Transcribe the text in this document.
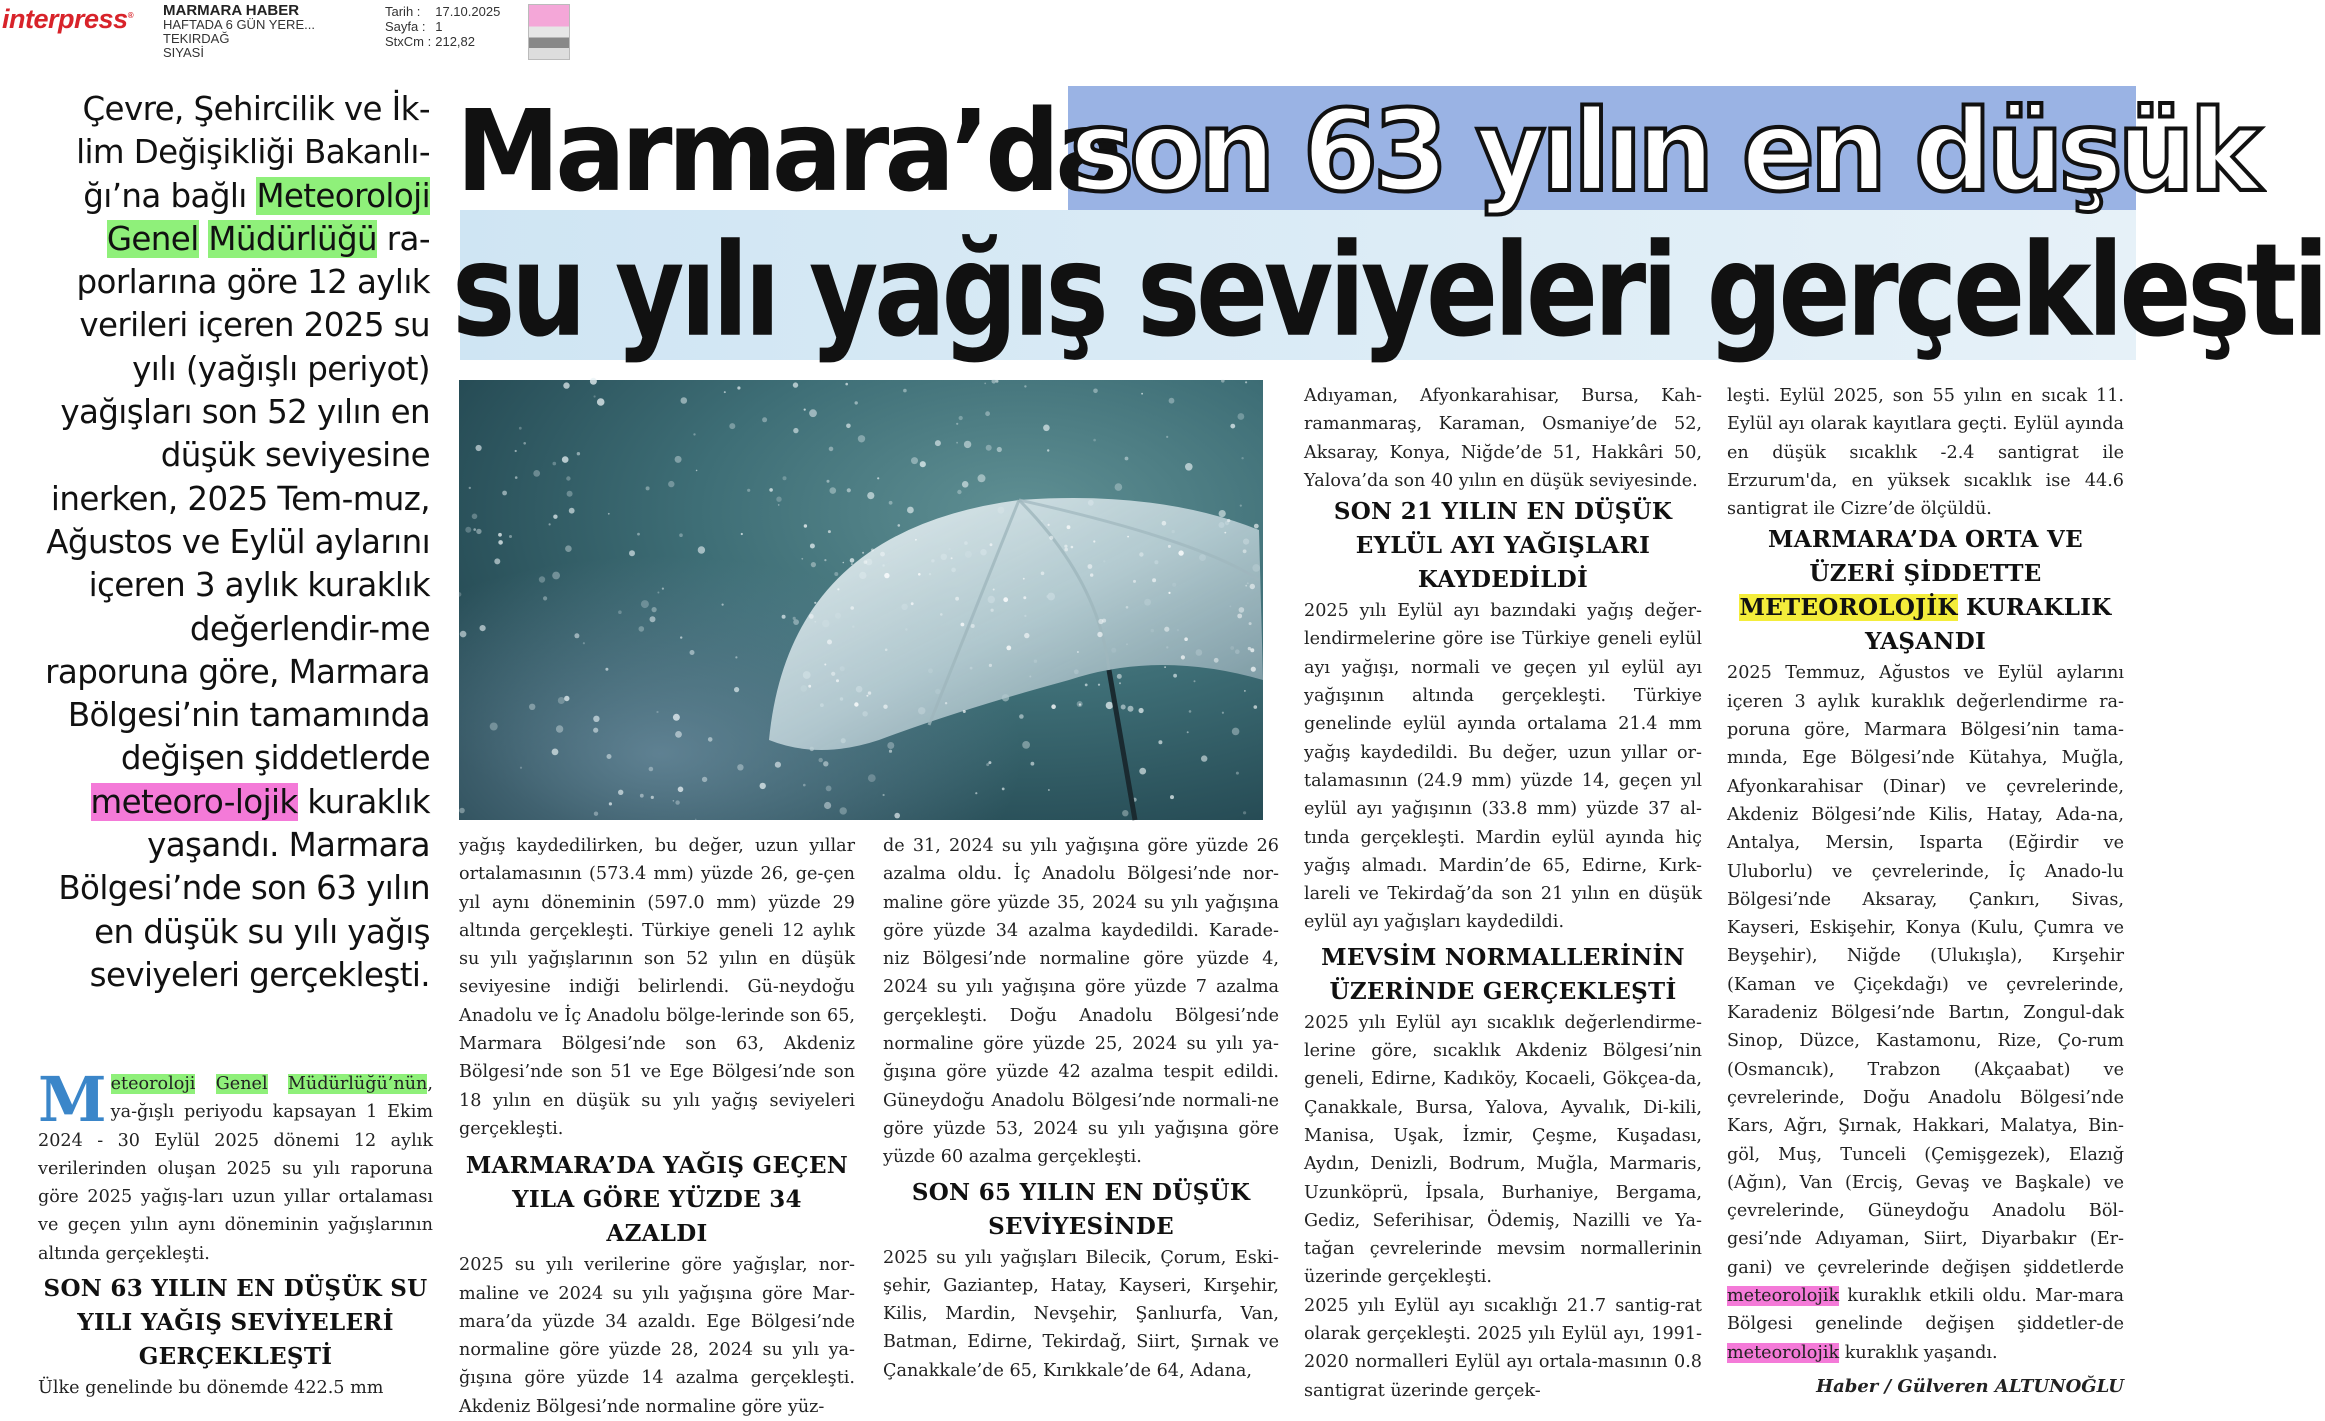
interpress® MARMARA HABER
HAFTADA 6 GÜN YERE...
TEKIRDAĞ
SIYASİ
Tarih :	17.10.2025
Sayfa :	1
StxCm :	212,82
Çevre, Şehircilik ve İk-lim Değişikliği Bakanlı-ğı’na bağlı Meteoroloji Genel Müdürlüğü ra-porlarına göre 12 aylık verileri içeren 2025 su yılı (yağışlı periyot) yağışları son 52 yılın en düşük seviyesine inerken, 2025 Tem-muz, Ağustos ve Eylül aylarını içeren 3 aylık kuraklık değerlendir-me raporuna göre, Marmara Bölgesi’nin tamamında değişen şiddetlerde meteoro-lojik kuraklık yaşandı. Marmara Bölgesi’nde son 63 yılın en düşük su yılı yağış seviyeleri gerçekleşti.
Marmara’da
son 63 yılın en düşük
su yılı yağış seviyeleri gerçekleşti

Meteoroloji Genel Müdürlüğü’nün, ya-ğışlı periyodu kapsayan 1 Ekim 2024 - 30 Eylül 2025 dönemi 12 aylık verilerinden oluşan 2025 su yılı raporuna göre 2025 yağış-ları uzun yıllar ortalaması ve geçen yılın aynı döneminin yağışlarının altında gerçekleşti.

SON 63 YILIN EN DÜŞÜK SU YILI YAĞIŞ SEVİYELERİ GERÇEKLEŞTİ

Ülke genelinde bu dönemde 422.5 mm

yağış kaydedilirken, bu değer, uzun yıllar ortalamasının (573.4 mm) yüzde 26, ge-çen yıl aynı döneminin (597.0 mm) yüzde 29 altında gerçekleşti. Türkiye geneli 12 aylık su yılı yağışlarının son 52 yılın en düşük seviyesine indiği belirlendi. Gü-neydoğu Anadolu ve İç Anadolu bölge-lerinde son 65, Marmara Bölgesi’nde son 63, Akdeniz Bölgesi’nde son 51 ve Ege Bölgesi’nde son 18 yılın en düşük su yılı yağış seviyeleri gerçekleşti.

MARMARA’DA YAĞIŞ GEÇEN YILA GÖRE YÜZDE 34 AZALDI

2025 su yılı verilerine göre yağışlar, nor-maline ve 2024 su yılı yağışına göre Mar-mara’da yüzde 34 azaldı. Ege Bölgesi’nde normaline göre yüzde 28, 2024 su yılı ya-ğışına göre yüzde 14 azalma gerçekleşti. Akdeniz Bölgesi’nde normaline göre yüz-

de 31, 2024 su yılı yağışına göre yüzde 26 azalma oldu. İç Anadolu Bölgesi’nde nor-maline göre yüzde 35, 2024 su yılı yağışına göre yüzde 34 azalma kaydedildi. Karade-niz Bölgesi’nde normaline göre yüzde 4, 2024 su yılı yağışına göre yüzde 7 azalma gerçekleşti. Doğu Anadolu Bölgesi’nde normaline göre yüzde 25, 2024 su yılı ya-ğışına göre yüzde 42 azalma tespit edildi. Güneydoğu Anadolu Bölgesi’nde normali-ne göre yüzde 53, 2024 su yılı yağışına göre yüzde 60 azalma gerçekleşti.

SON 65 YILIN EN DÜŞÜK SEVİYESİNDE

2025 su yılı yağışları Bilecik, Çorum, Eski-şehir, Gaziantep, Hatay, Kayseri, Kırşehir, Kilis, Mardin, Nevşehir, Şanlıurfa, Van, Batman, Edirne, Tekirdağ, Siirt, Şırnak ve Çanakkale’de 65, Kırıkkale’de 64, Adana,

Adıyaman, Afyonkarahisar, Bursa, Kah-ramanmaraş, Karaman, Osmaniye’de 52, Aksaray, Konya, Niğde’de 51, Hakkâri 50, Yalova’da son 40 yılın en düşük seviyesinde.

SON 21 YILIN EN DÜŞÜK EYLÜL AYI YAĞIŞLARI KAYDEDİLDİ

2025 yılı Eylül ayı bazındaki yağış değer-lendirmelerine göre ise Türkiye geneli eylül ayı yağışı, normali ve geçen yıl eylül ayı yağışının altında gerçekleşti. Türkiye genelinde eylül ayında ortalama 21.4 mm yağış kaydedildi. Bu değer, uzun yıllar or-talamasının (24.9 mm) yüzde 14, geçen yıl eylül ayı yağışının (33.8 mm) yüzde 37 al-tında gerçekleşti. Mardin eylül ayında hiç yağış almadı. Mardin’de 65, Edirne, Kırk-lareli ve Tekirdağ’da son 21 yılın en düşük eylül ayı yağışları kaydedildi.

MEVSİM NORMALLERİNİN ÜZERİNDE GERÇEKLEŞTİ

2025 yılı Eylül ayı sıcaklık değerlendirme-lerine göre, sıcaklık Akdeniz Bölgesi’nin geneli, Edirne, Kadıköy, Kocaeli, Gökçea-da, Çanakkale, Bursa, Yalova, Ayvalık, Di-kili, Manisa, Uşak, İzmir, Çeşme, Kuşadası, Aydın, Denizli, Bodrum, Muğla, Marmaris, Uzunköprü, İpsala, Burhaniye, Bergama, Gediz, Seferihisar, Ödemiş, Nazilli ve Ya-tağan çevrelerinde mevsim normallerinin üzerinde gerçekleşti.

2025 yılı Eylül ayı sıcaklığı 21.7 santig-rat olarak gerçekleşti. 2025 yılı Eylül ayı, 1991-2020 normalleri Eylül ayı ortala-masının 0.8 santigrat üzerinde gerçek-

leşti. Eylül 2025, son 55 yılın en sıcak 11. Eylül ayı olarak kayıtlara geçti. Eylül ayında en düşük sıcaklık -2.4 santigrat ile Erzurum'da, en yüksek sıcaklık ise 44.6 santigrat ile Cizre’de ölçüldü.

MARMARA’DA ORTA VE ÜZERİ ŞİDDETTE METEOROLOJİK KURAKLIK YAŞANDI

2025 Temmuz, Ağustos ve Eylül aylarını içeren 3 aylık kuraklık değerlendirme ra-poruna göre, Marmara Bölgesi’nin tama-mında, Ege Bölgesi’nde Kütahya, Muğla, Afyonkarahisar (Dinar) ve çevrelerinde, Akdeniz Bölgesi’nde Kilis, Hatay, Ada-na, Antalya, Mersin, Isparta (Eğirdir ve Uluborlu) ve çevrelerinde, İç Anado-lu Bölgesi’nde Aksaray, Çankırı, Sivas, Kayseri, Eskişehir, Konya (Kulu, Çumra ve Beyşehir), Niğde (Ulukışla), Kırşehir (Kaman ve Çiçekdağı) ve çevrelerinde, Karadeniz Bölgesi’nde Bartın, Zongul-dak Sinop, Düzce, Kastamonu, Rize, Ço-rum (Osmancık), Trabzon (Akçaabat) ve çevrelerinde, Doğu Anadolu Bölgesi’nde Kars, Ağrı, Şırnak, Hakkari, Malatya, Bin-göl, Muş, Tunceli (Çemişgezek), Elazığ (Ağın), Van (Erciş, Gevaş ve Başkale) ve çevrelerinde, Güneydoğu Anadolu Böl-gesi’nde Adıyaman, Siirt, Diyarbakır (Er-gani) ve çevrelerinde değişen şiddetlerde meteorolojik kuraklık etkili oldu. Mar-mara Bölgesi genelinde değişen şiddetler-de meteorolojik kuraklık yaşandı.

Haber / Gülveren ALTUNOĞLU
